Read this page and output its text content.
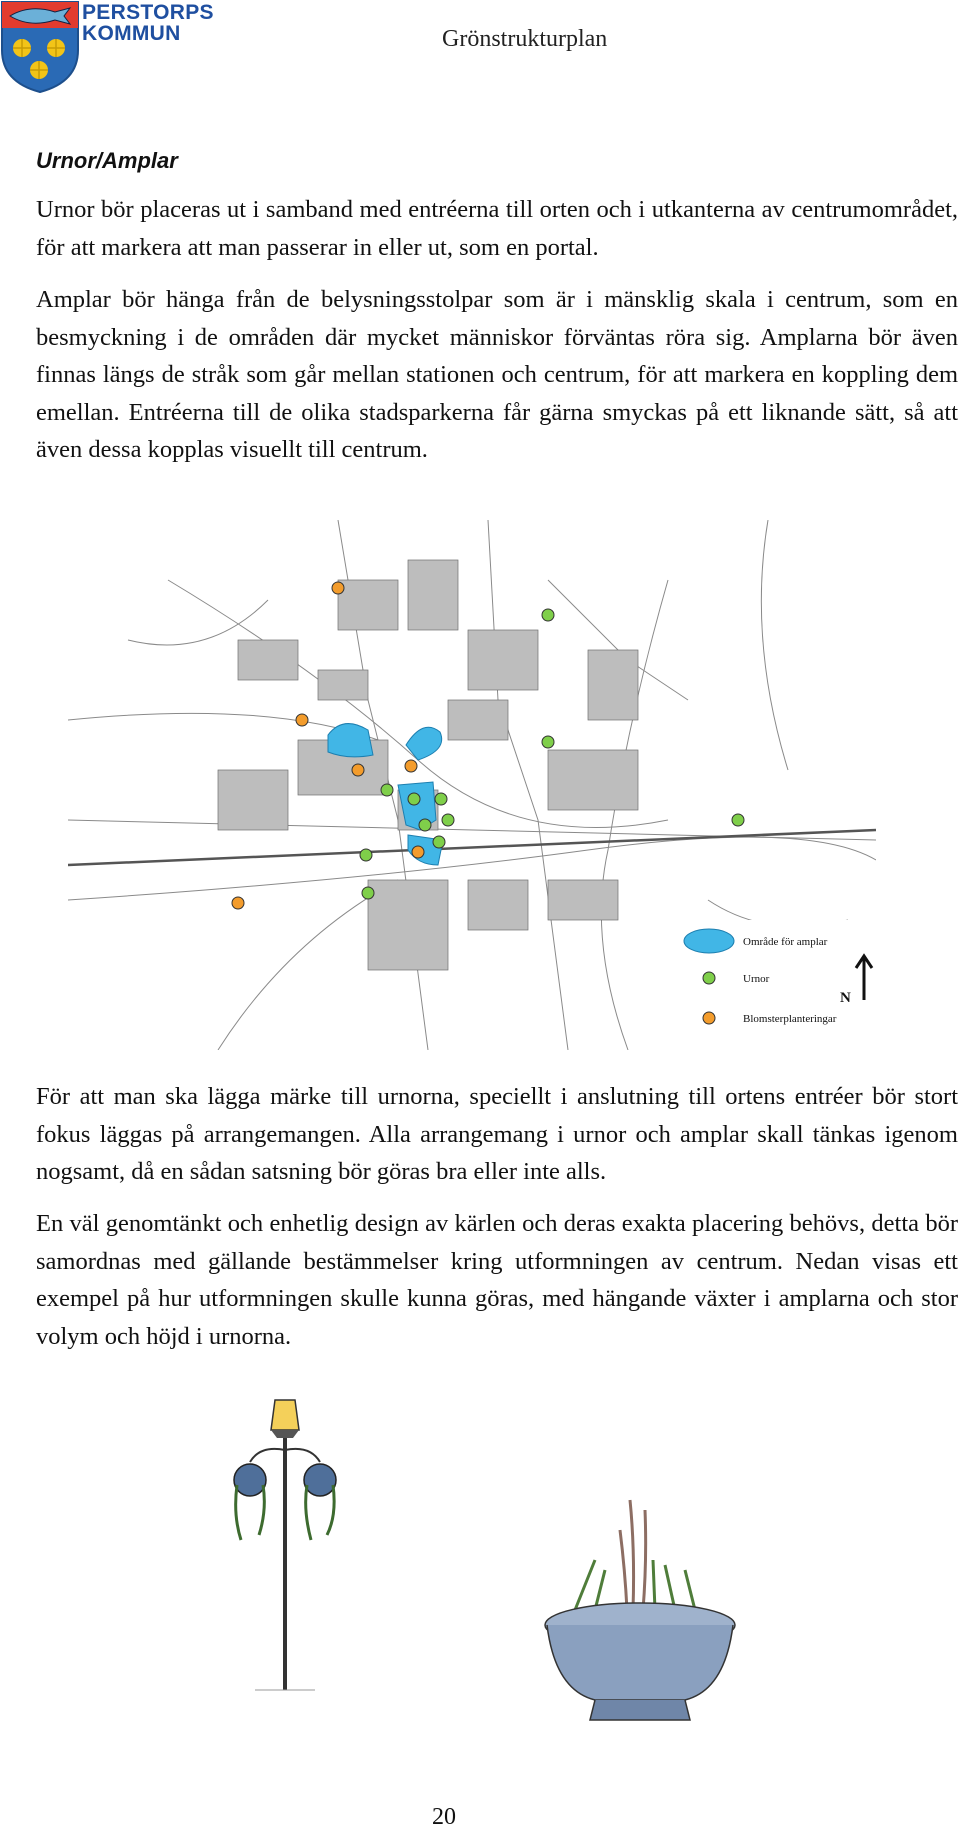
PERSTORPS
KOMMUN	Grönstrukturplan
Urnor/Amplar

Urnor bör placeras ut i samband med entréerna till orten och i utkanterna av centrumområdet, för att markera att man passerar in eller ut, som en portal.

Amplar bör hänga från de belysningsstolpar som är i mänsklig skala i centrum, som en besmyckning i de områden där mycket människor förväntas röra sig. Amplarna bör även finnas längs de stråk som går mellan stationen och centrum, för att markera en koppling dem emellan. Entréerna till de olika stadsparkerna får gärna smyckas på ett liknande sätt, så att även dessa kopplas visuellt till centrum.

Område för amplar
Urnor
Blomsterplanteringar
N

För att man ska lägga märke till urnorna, speciellt i anslutning till ortens entréer bör stort fokus läggas på arrangemangen. Alla arrangemang i urnor och amplar skall tänkas igenom nogsamt, då en sådan satsning bör göras bra eller inte alls.

En väl genomtänkt och enhetlig design av kärlen och deras exakta placering behövs, detta bör samordnas med gällande bestämmelser kring utformningen av centrum. Nedan visas ett exempel på hur utformningen skulle kunna göras, med hängande växter i amplarna och stor volym och höjd i urnorna.

20
